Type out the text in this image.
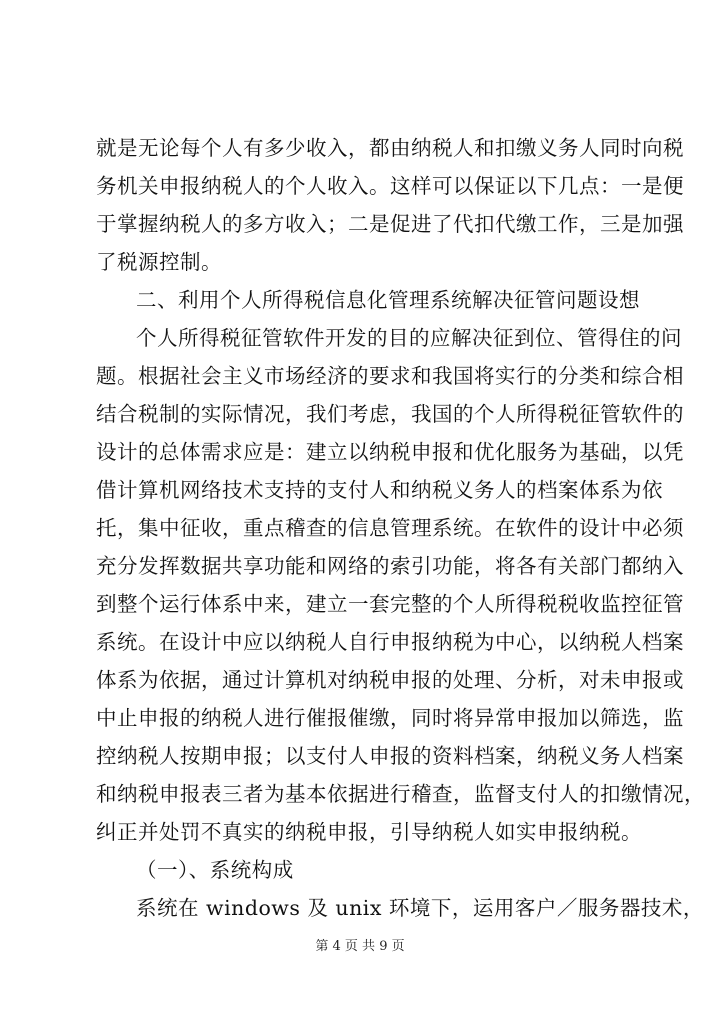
就是无论每个人有多少收入，都由纳税人和扣缴义务人同时向税
务机关申报纳税人的个人收入。这样可以保证以下几点：一是便
于掌握纳税人的多方收入；二是促进了代扣代缴工作，三是加强
了税源控制。
二、利用个人所得税信息化管理系统解决征管问题设想
个人所得税征管软件开发的目的应解决征到位、管得住的问
题。根据社会主义市场经济的要求和我国将实行的分类和综合相
结合税制的实际情况，我们考虑，我国的个人所得税征管软件的
设计的总体需求应是：建立以纳税申报和优化服务为基础，以凭
借计算机网络技术支持的支付人和纳税义务人的档案体系为依
托，集中征收，重点稽查的信息管理系统。在软件的设计中必须
充分发挥数据共享功能和网络的索引功能，将各有关部门都纳入
到整个运行体系中来，建立一套完整的个人所得税税收监控征管
系统。在设计中应以纳税人自行申报纳税为中心，以纳税人档案
体系为依据，通过计算机对纳税申报的处理、分析，对未申报或
中止申报的纳税人进行催报催缴，同时将异常申报加以筛选，监
控纳税人按期申报；以支付人申报的资料档案，纳税义务人档案
和纳税申报表三者为基本依据进行稽查，监督支付人的扣缴情况，
纠正并处罚不真实的纳税申报，引导纳税人如实申报纳税。
（一）、系统构成
系统在 windows 及 unix 环境下，运用客户／服务器技术，
第 4 页 共 9 页
